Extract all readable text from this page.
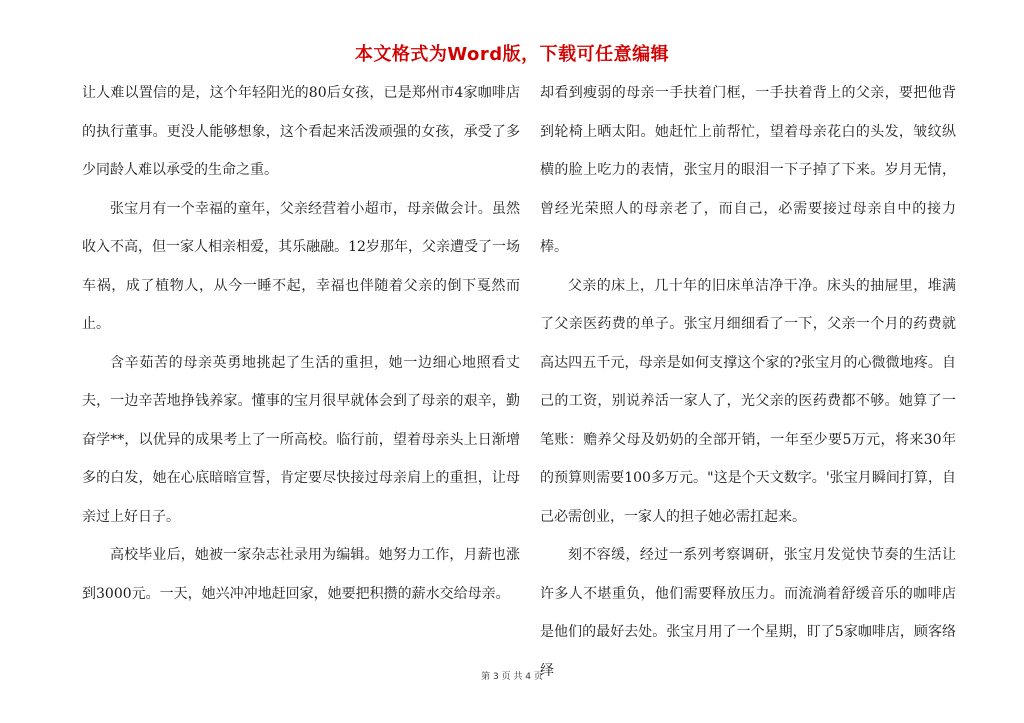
本文格式为Word版，下载可任意编辑

让人难以置信的是，这个年轻阳光的80后女孩，已是郑州市4家咖啡店的执行董事。更没人能够想象，这个看起来活泼顽强的女孩，承受了多少同龄人难以承受的生命之重。

张宝月有一个幸福的童年，父亲经营着小超市，母亲做会计。虽然收入不高，但一家人相亲相爱，其乐融融。12岁那年，父亲遭受了一场车祸，成了植物人，从今一睡不起，幸福也伴随着父亲的倒下戛然而止。

含辛茹苦的母亲英勇地挑起了生活的重担，她一边细心地照看丈夫，一边辛苦地挣钱养家。懂事的宝月很早就体会到了母亲的艰辛，勤奋学**，以优异的成果考上了一所高校。临行前，望着母亲头上日渐增多的白发，她在心底暗暗宣誓，肯定要尽快接过母亲肩上的重担，让母亲过上好日子。

高校毕业后，她被一家杂志社录用为编辑。她努力工作，月薪也涨到3000元。一天，她兴冲冲地赶回家，她要把积攒的薪水交给母亲。

却看到瘦弱的母亲一手扶着门框，一手扶着背上的父亲，要把他背到轮椅上晒太阳。她赶忙上前帮忙，望着母亲花白的头发，皱纹纵横的脸上吃力的表情，张宝月的眼泪一下子掉了下来。岁月无情，曾经光荣照人的母亲老了，而自己，必需要接过母亲自中的接力棒。

父亲的床上，几十年的旧床单洁净干净。床头的抽屉里，堆满了父亲医药费的单子。张宝月细细看了一下，父亲一个月的药费就高达四五千元，母亲是如何支撑这个家的?张宝月的心微微地疼。自己的工资，别说养活一家人了，光父亲的医药费都不够。她算了一笔账：赡养父母及奶奶的全部开销，一年至少要5万元，将来30年的预算则需要100多万元。"这是个天文数字。'张宝月瞬间打算，自己必需创业，一家人的担子她必需扛起来。

刻不容缓，经过一系列考察调研，张宝月发觉快节奏的生活让许多人不堪重负，他们需要释放压力。而流淌着舒缓音乐的咖啡店是他们的最好去处。张宝月用了一个星期，盯了5家咖啡店，顾客络绎

第 3 页 共 4 页
